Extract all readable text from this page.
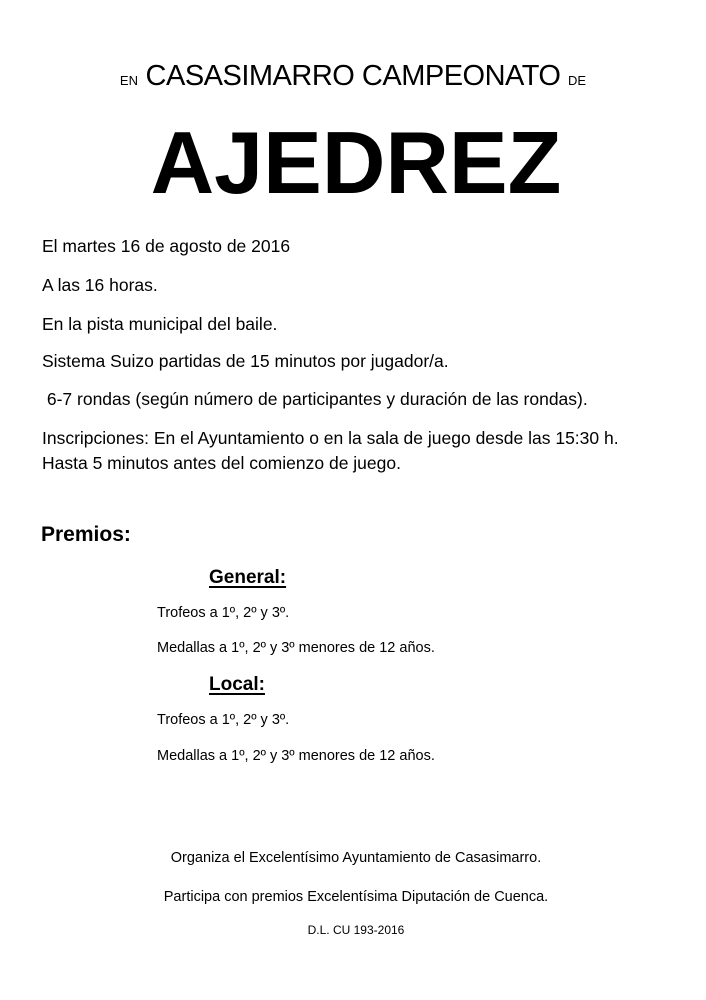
EN CASASIMARRO CAMPEONATO DE
AJEDREZ
El martes 16 de agosto de 2016
A las 16 horas.
En la pista municipal del baile.
Sistema Suizo partidas de 15 minutos por jugador/a.
6-7 rondas (según número de participantes y duración de las rondas).
Inscripciones: En el Ayuntamiento o en la sala de juego desde las 15:30 h.
Hasta 5 minutos antes del comienzo de juego.
Premios:
General:
Trofeos a 1º, 2º y 3º.
Medallas a 1º, 2º y 3º menores de 12 años.
Local:
Trofeos a 1º, 2º y 3º.
Medallas a 1º, 2º y 3º menores de 12 años.
Organiza el Excelentísimo Ayuntamiento de Casasimarro.
Participa con premios Excelentísima Diputación de Cuenca.
D.L. CU 193-2016
